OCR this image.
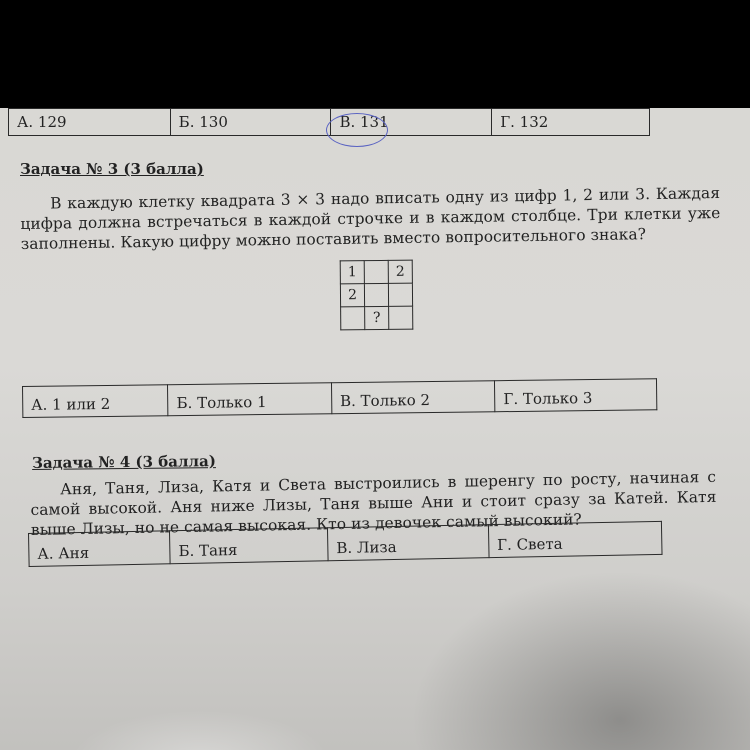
А. 129	Б. 130	В. 131	Г. 132
Задача № 3 (3 балла)
В каждую клетку квадрата 3 × 3 надо вписать одну из цифр 1, 2 или 3. Каждая цифра должна встречаться в каждой строчке и в каждом столбце. Три клетки уже заполнены. Какую цифру можно поставить вместо вопросительного знака?
1		2
2		
	?	
А. 1 или 2	Б. Только 1	В. Только 2	Г. Только 3
Задача № 4 (3 балла)
Аня, Таня, Лиза, Катя и Света выстроились в шеренгу по росту, начиная с самой высокой. Аня ниже Лизы, Таня выше Ани и стоит сразу за Катей. Катя выше Лизы, но не самая высокая. Кто из девочек самый высокий?
А. Аня	Б. Таня	В. Лиза	Г. Света
